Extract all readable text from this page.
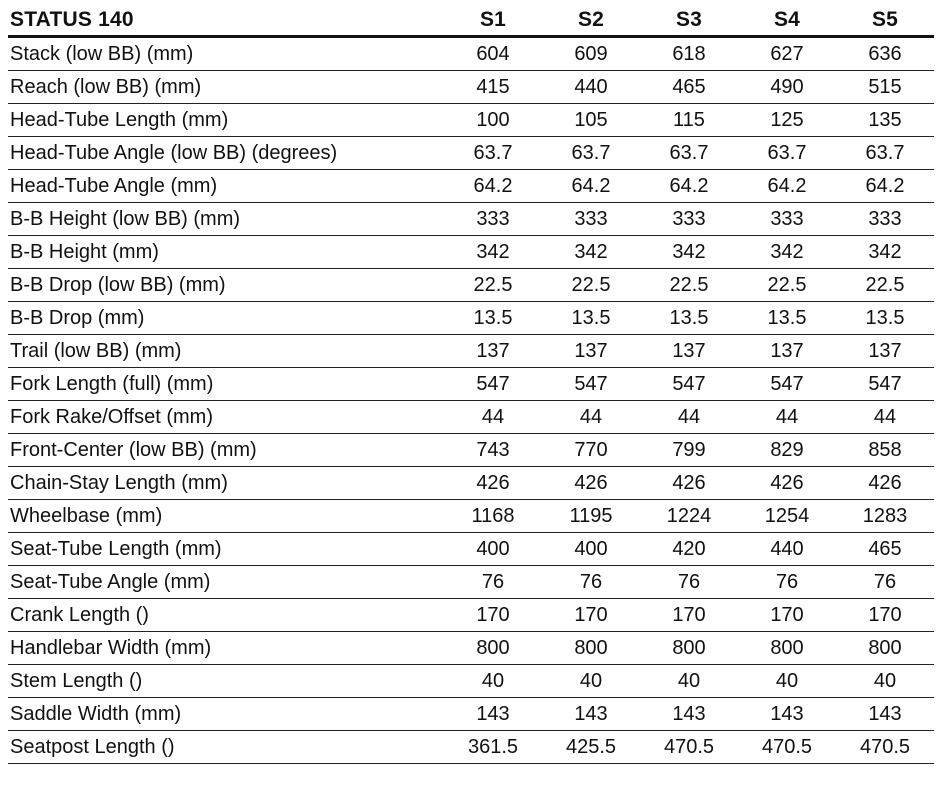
STATUS 140	S1	S2	S3	S4	S5
Stack (low BB) (mm)	604	609	618	627	636
Reach (low BB) (mm)	415	440	465	490	515
Head-Tube Length (mm)	100	105	115	125	135
Head-Tube Angle (low BB) (degrees)	63.7	63.7	63.7	63.7	63.7
Head-Tube Angle (mm)	64.2	64.2	64.2	64.2	64.2
B-B Height (low BB) (mm)	333	333	333	333	333
B-B Height (mm)	342	342	342	342	342
B-B Drop (low BB) (mm)	22.5	22.5	22.5	22.5	22.5
B-B Drop (mm)	13.5	13.5	13.5	13.5	13.5
Trail (low BB) (mm)	137	137	137	137	137
Fork Length (full) (mm)	547	547	547	547	547
Fork Rake/Offset (mm)	44	44	44	44	44
Front-Center (low BB) (mm)	743	770	799	829	858
Chain-Stay Length (mm)	426	426	426	426	426
Wheelbase (mm)	1168	1195	1224	1254	1283
Seat-Tube Length (mm)	400	400	420	440	465
Seat-Tube Angle (mm)	76	76	76	76	76
Crank Length ()	170	170	170	170	170
Handlebar Width (mm)	800	800	800	800	800
Stem Length ()	40	40	40	40	40
Saddle Width (mm)	143	143	143	143	143
Seatpost Length ()	361.5	425.5	470.5	470.5	470.5
